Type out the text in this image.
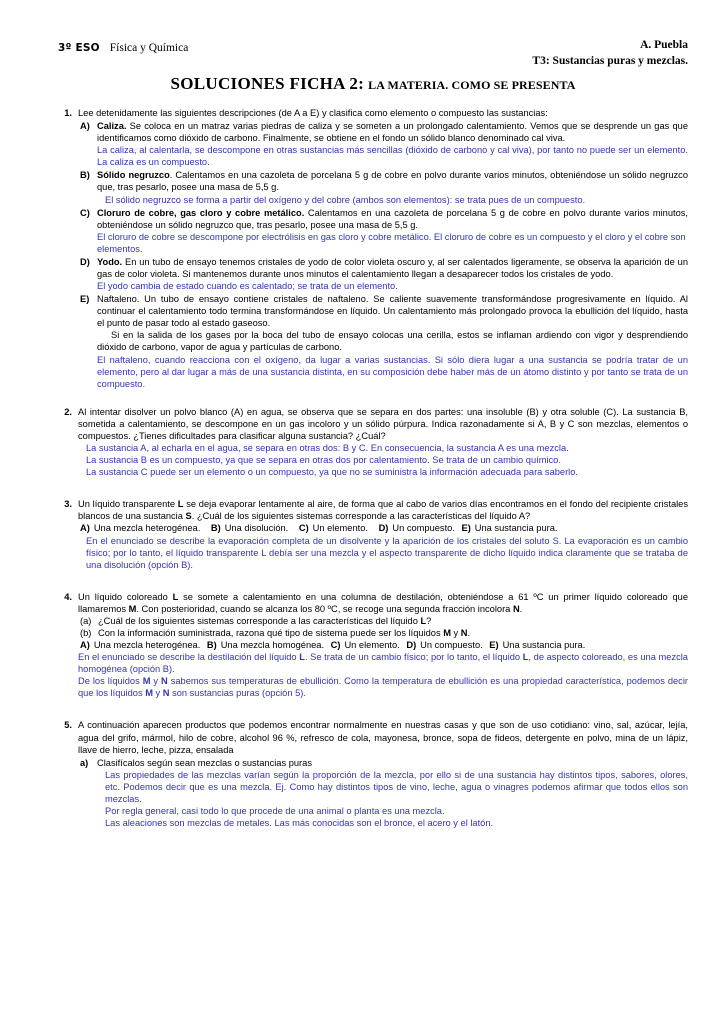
3º ESO Física y Química	A. Puebla
T3: Sustancias puras y mezclas.
SOLUCIONES FICHA 2: LA MATERIA. COMO SE PRESENTA
1. Lee detenidamente las siguientes descripciones (de A a E) y clasifica como elemento o compuesto las sustancias:

A) Caliza. Se coloca en un matraz varias piedras de caliza y se someten a un prolongado calentamiento. Vemos que se desprende un gas que identificamos como dióxido de carbono. Finalmente, se obtiene en el fondo un sólido blanco denominado cal viva.

La caliza, al calentarla, se descompone en otras sustancias más sencillas (dióxido de carbono y cal viva), por tanto no puede ser un elemento. La caliza es un compuesto.

B) Sólido negruzco. Calentamos en una cazoleta de porcelana 5 g de cobre en polvo durante varios minutos, obteniéndose un sólido negruzco que, tras pesarlo, posee una masa de 5,5 g.

El sólido negruzco se forma a partir del oxígeno y del cobre (ambos son elementos): se trata pues de un compuesto.

C) Cloruro de cobre, gas cloro y cobre metálico. Calentamos en una cazoleta de porcelana 5 g de cobre en polvo durante varios minutos, obteniéndose un sólido negruzco que, tras pesarlo, posee una masa de 5,5 g.

El cloruro de cobre se descompone por electrólisis en gas cloro y cobre metálico. El cloruro de cobre es un compuesto y el cloro y el cobre son elementos.

D) Yodo. En un tubo de ensayo tenemos cristales de yodo de color violeta oscuro y, al ser calentados ligeramente, se observa la aparición de un gas de color violeta. Si mantenemos durante unos minutos el calentamiento llegan a desaparecer todos los cristales de yodo.

El yodo cambia de estado cuando es calentado; se trata de un elemento.

E) Naftaleno. Un tubo de ensayo contiene cristales de naftaleno. Se caliente suavemente transformándose progresivamente en líquido. Al continuar el calentamiento todo termina transformándose en líquido. Un calentamiento más prolongado provoca la ebullición del líquido, hasta el punto de pasar todo al estado gaseoso.

Si en la salida de los gases por la boca del tubo de ensayo colocas una cerilla, estos se inflaman ardiendo con vigor y desprendiendo dióxido de carbono, vapor de agua y partículas de carbono.

El naftaleno, cuando reacciona con el oxígeno, da lugar a varias sustancias. Si sólo diera lugar a una sustancia se podría tratar de un elemento, pero al dar lugar a más de una sustancia distinta, en su composición debe haber más de un átomo distinto y por tanto se trata de un compuesto.

2. Al intentar disolver un polvo blanco (A) en agua, se observa que se separa en dos partes: una insoluble (B) y otra soluble (C). La sustancia B, sometida a calentamiento, se descompone en un gas incoloro y un sólido púrpura. Indica razonadamente si A, B y C son mezclas, elementos o compuestos. ¿Tienes dificultades para clasificar alguna sustancia? ¿Cuál?

La sustancia A, al echarla en el agua, se separa en otras dos: B y C. En consecuencia, la sustancia A es una mezcla.

La sustancia B es un compuesto, ya que se separa en otras dos por calentamiento. Se trata de un cambio químico.

La sustancia C puede ser un elemento o un compuesto, ya que no se suministra la información adecuada para saberlo.

3. Un líquido transparente L se deja evaporar lentamente al aire, de forma que al cabo de varios días encontramos en el fondo del recipiente cristales blancos de una sustancia S. ¿Cuál de los siguientes sistemas corresponde a las características del líquido A?

A) Una mezcla heterogénea. B) Una disolución. C) Un elemento. D) Un compuesto. E) Una sustancia pura.

En el enunciado se describe la evaporación completa de un disolvente y la aparición de los cristales del soluto S. La evaporación es un cambio físico; por lo tanto, el líquido transparente L debía ser una mezcla y el aspecto transparente de dicho líquido indica claramente que se trataba de una disolución (opción B).

4. Un líquido coloreado L se somete a calentamiento en una columna de destilación, obteniéndose a 61 ºC un primer líquido coloreado que llamaremos M. Con posterioridad, cuando se alcanza los 80 ºC, se recoge una segunda fracción incolora N.

(a) ¿Cuál de los siguientes sistemas corresponde a las características del líquido L?
(b) Con la información suministrada, razona qué tipo de sistema puede ser los líquidos M y N.

A) Una mezcla heterogénea. B) Una mezcla homogénea. C) Un elemento. D) Un compuesto. E) Una sustancia pura.

En el enunciado se describe la destilación del líquido L. Se trata de un cambio físico; por lo tanto, el líquido L, de aspecto coloreado, es una mezcla homogénea (opción B).

De los líquidos M y N sabemos sus temperaturas de ebullición. Como la temperatura de ebullición es una propiedad característica, podemos decir que los líquidos M y N son sustancias puras (opción 5).

5. A continuación aparecen productos que podemos encontrar normalmente en nuestras casas y que son de uso cotidiano: vino, sal, azúcar, lejía, agua del grifo, mármol, hilo de cobre, alcohol 96 %, refresco de cola, mayonesa, bronce, sopa de fideos, detergente en polvo, mina de un lápiz, llave de hierro, leche, pizza, ensalada

a) Clasifícalos según sean mezclas o sustancias puras

Las propiedades de las mezclas varían según la proporción de la mezcla, por ello si de una sustancia hay distintos tipos, sabores, olores, etc. Podemos decir que es una mezcla. Ej. Como hay distintos tipos de vino, leche, agua o vinagres podemos afirmar que todos ellos son mezclas.

Por regla general, casi todo lo que procede de una animal o planta es una mezcla.

Las aleaciones son mezclas de metales. Las más conocidas son el bronce, el acero y el latón.
